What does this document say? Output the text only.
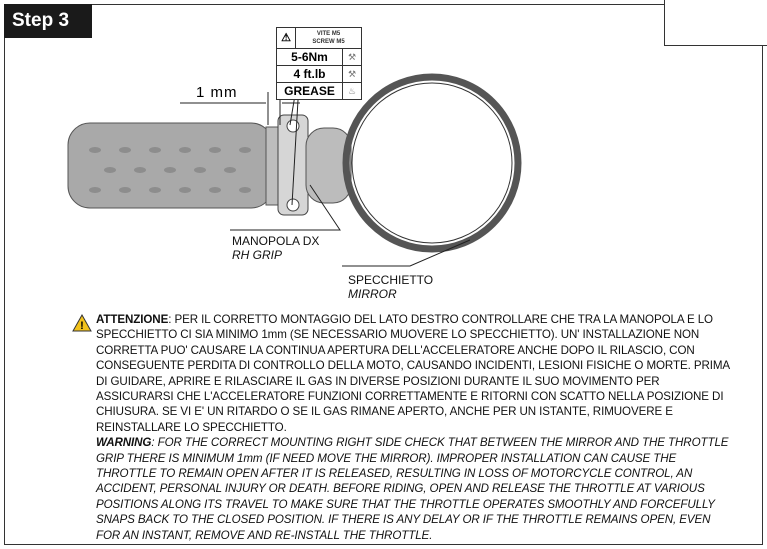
Step 3
1 mm
⚠	VITE M5
SCREW M5
5-6Nm	⚒
4 ft.lb	⚒
GREASE	♨
MANOPOLA DX
RH GRIP
SPECCHIETTO
MIRROR
! ATTENZIONE: PER IL CORRETTO MONTAGGIO DEL LATO DESTRO CONTROLLARE CHE TRA LA MANOPOLA E LO SPECCHIETTO CI SIA MINIMO 1mm (SE NECESSARIO MUOVERE LO SPECCHIETTO). UN' INSTALLAZIONE NON CORRETTA PUO' CAUSARE LA CONTINUA APERTURA DELL'ACCELERATORE ANCHE DOPO IL RILASCIO, CON CONSEGUENTE PERDITA DI CONTROLLO DELLA MOTO, CAUSANDO INCIDENTI, LESIONI FISICHE O MORTE. PRIMA DI GUIDARE, APRIRE E RILASCIARE IL GAS IN DIVERSE POSIZIONI DURANTE IL SUO MOVIMENTO PER ASSICURARSI CHE L'ACCELERATORE FUNZIONI CORRETTAMENTE E RITORNI CON SCATTO NELLA POSIZIONE DI CHIUSURA. SE VI E' UN RITARDO O SE IL GAS RIMANE APERTO, ANCHE PER UN ISTANTE, RIMUOVERE E REINSTALLARE LO SPECCHIETTO.
WARNING: FOR THE CORRECT MOUNTING RIGHT SIDE CHECK THAT BETWEEN THE MIRROR AND THE THROTTLE GRIP THERE IS MINIMUM 1mm (IF NEED MOVE THE MIRROR). IMPROPER INSTALLATION CAN CAUSE THE THROTTLE TO REMAIN OPEN AFTER IT IS RELEASED, RESULTING IN LOSS OF MOTORCYCLE CONTROL, AN ACCIDENT, PERSONAL INJURY OR DEATH. BEFORE RIDING, OPEN AND RELEASE THE THROTTLE AT VARIOUS POSITIONS ALONG ITS TRAVEL TO MAKE SURE THAT THE THROTTLE OPERATES SMOOTHLY AND FORCEFULLY SNAPS BACK TO THE CLOSED POSITION. IF THERE IS ANY DELAY OR IF THE THROTTLE REMAINS OPEN, EVEN FOR AN INSTANT, REMOVE AND RE-INSTALL THE THROTTLE.
